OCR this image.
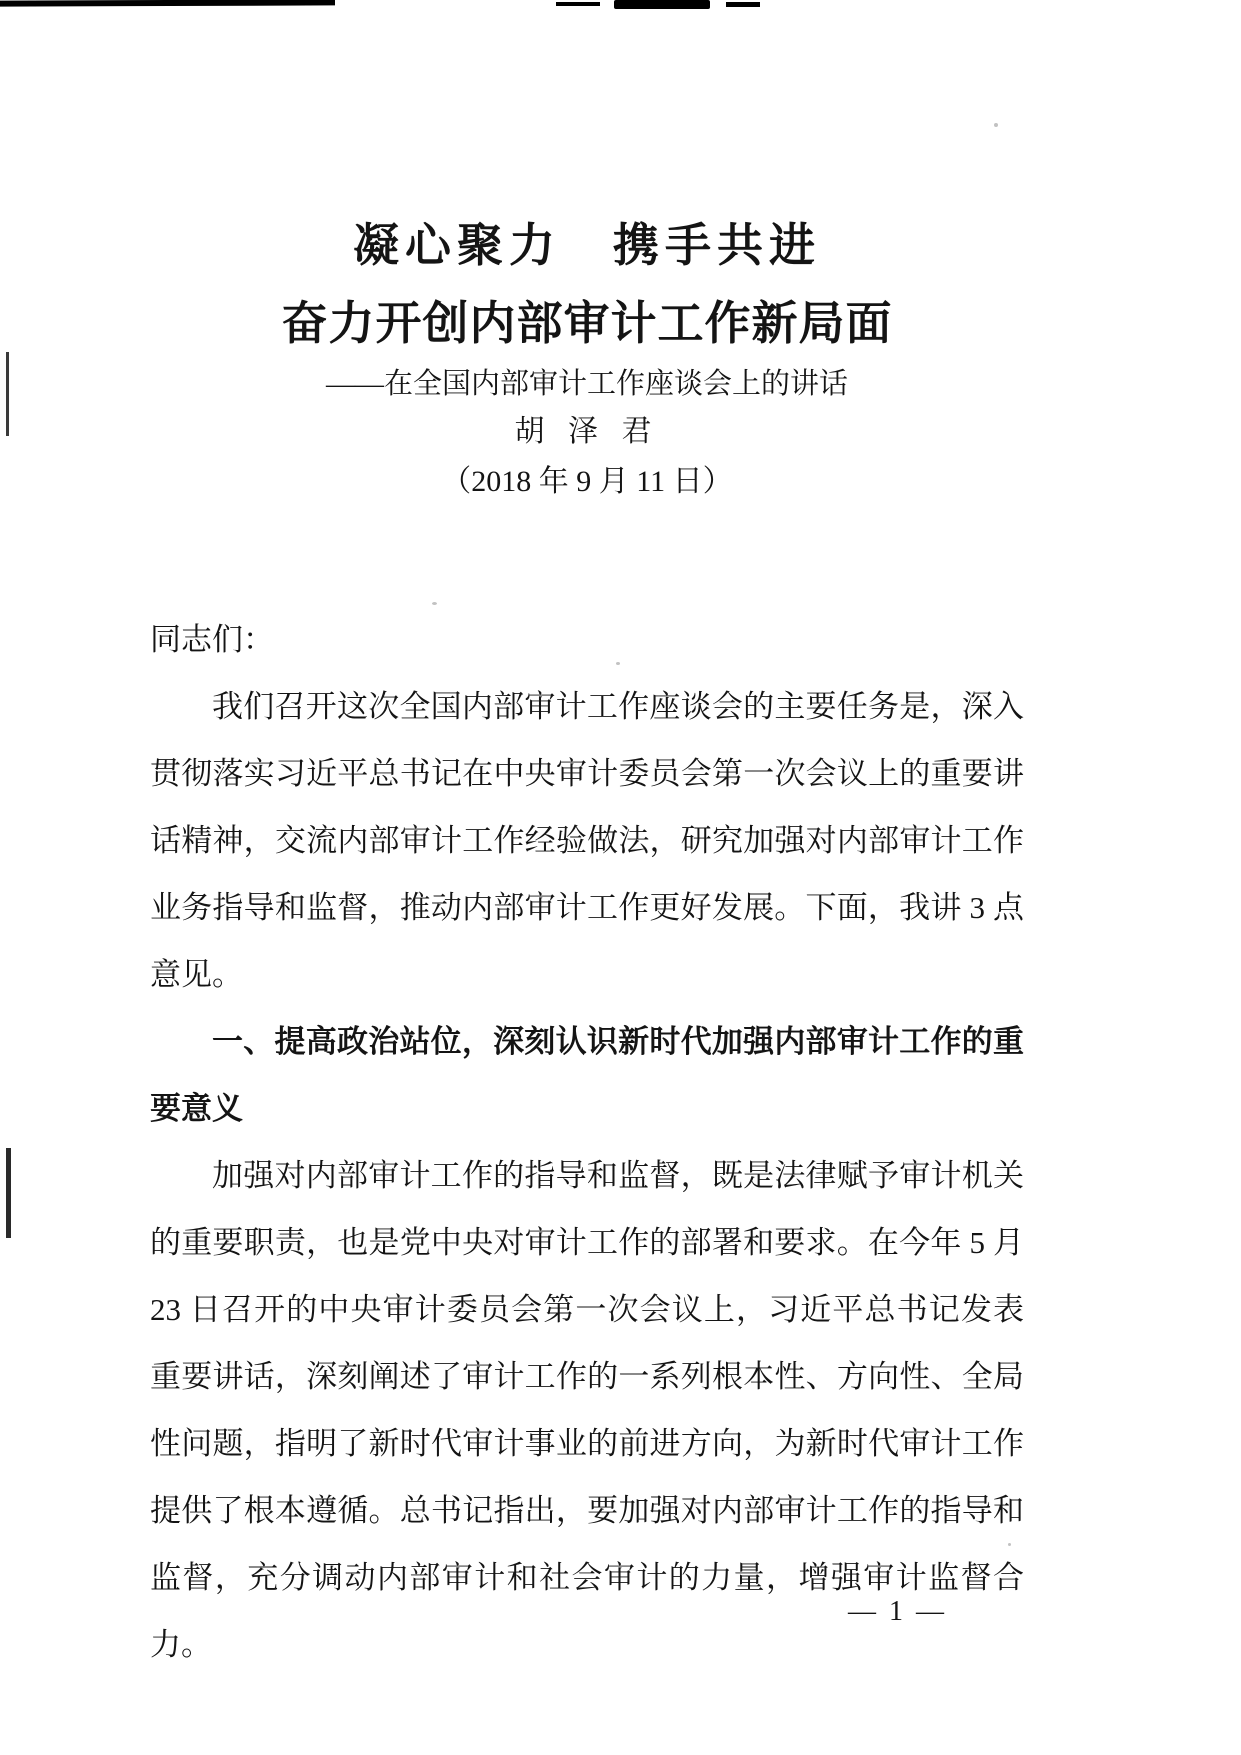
凝心聚力　携手共进
奋力开创内部审计工作新局面
——在全国内部审计工作座谈会上的讲话
胡 泽 君
（2018 年 9 月 11 日）
同志们：

我们召开这次全国内部审计工作座谈会的主要任务是，深入贯彻落实习近平总书记在中央审计委员会第一次会议上的重要讲话精神，交流内部审计工作经验做法，研究加强对内部审计工作业务指导和监督，推动内部审计工作更好发展。下面，我讲 3 点意见。

一、提高政治站位，深刻认识新时代加强内部审计工作的重要意义

加强对内部审计工作的指导和监督，既是法律赋予审计机关的重要职责，也是党中央对审计工作的部署和要求。在今年 5 月 23 日召开的中央审计委员会第一次会议上，习近平总书记发表重要讲话，深刻阐述了审计工作的一系列根本性、方向性、全局性问题，指明了新时代审计事业的前进方向，为新时代审计工作提供了根本遵循。总书记指出，要加强对内部审计工作的指导和监督，充分调动内部审计和社会审计的力量，增强审计监督合力。

— 1 —
